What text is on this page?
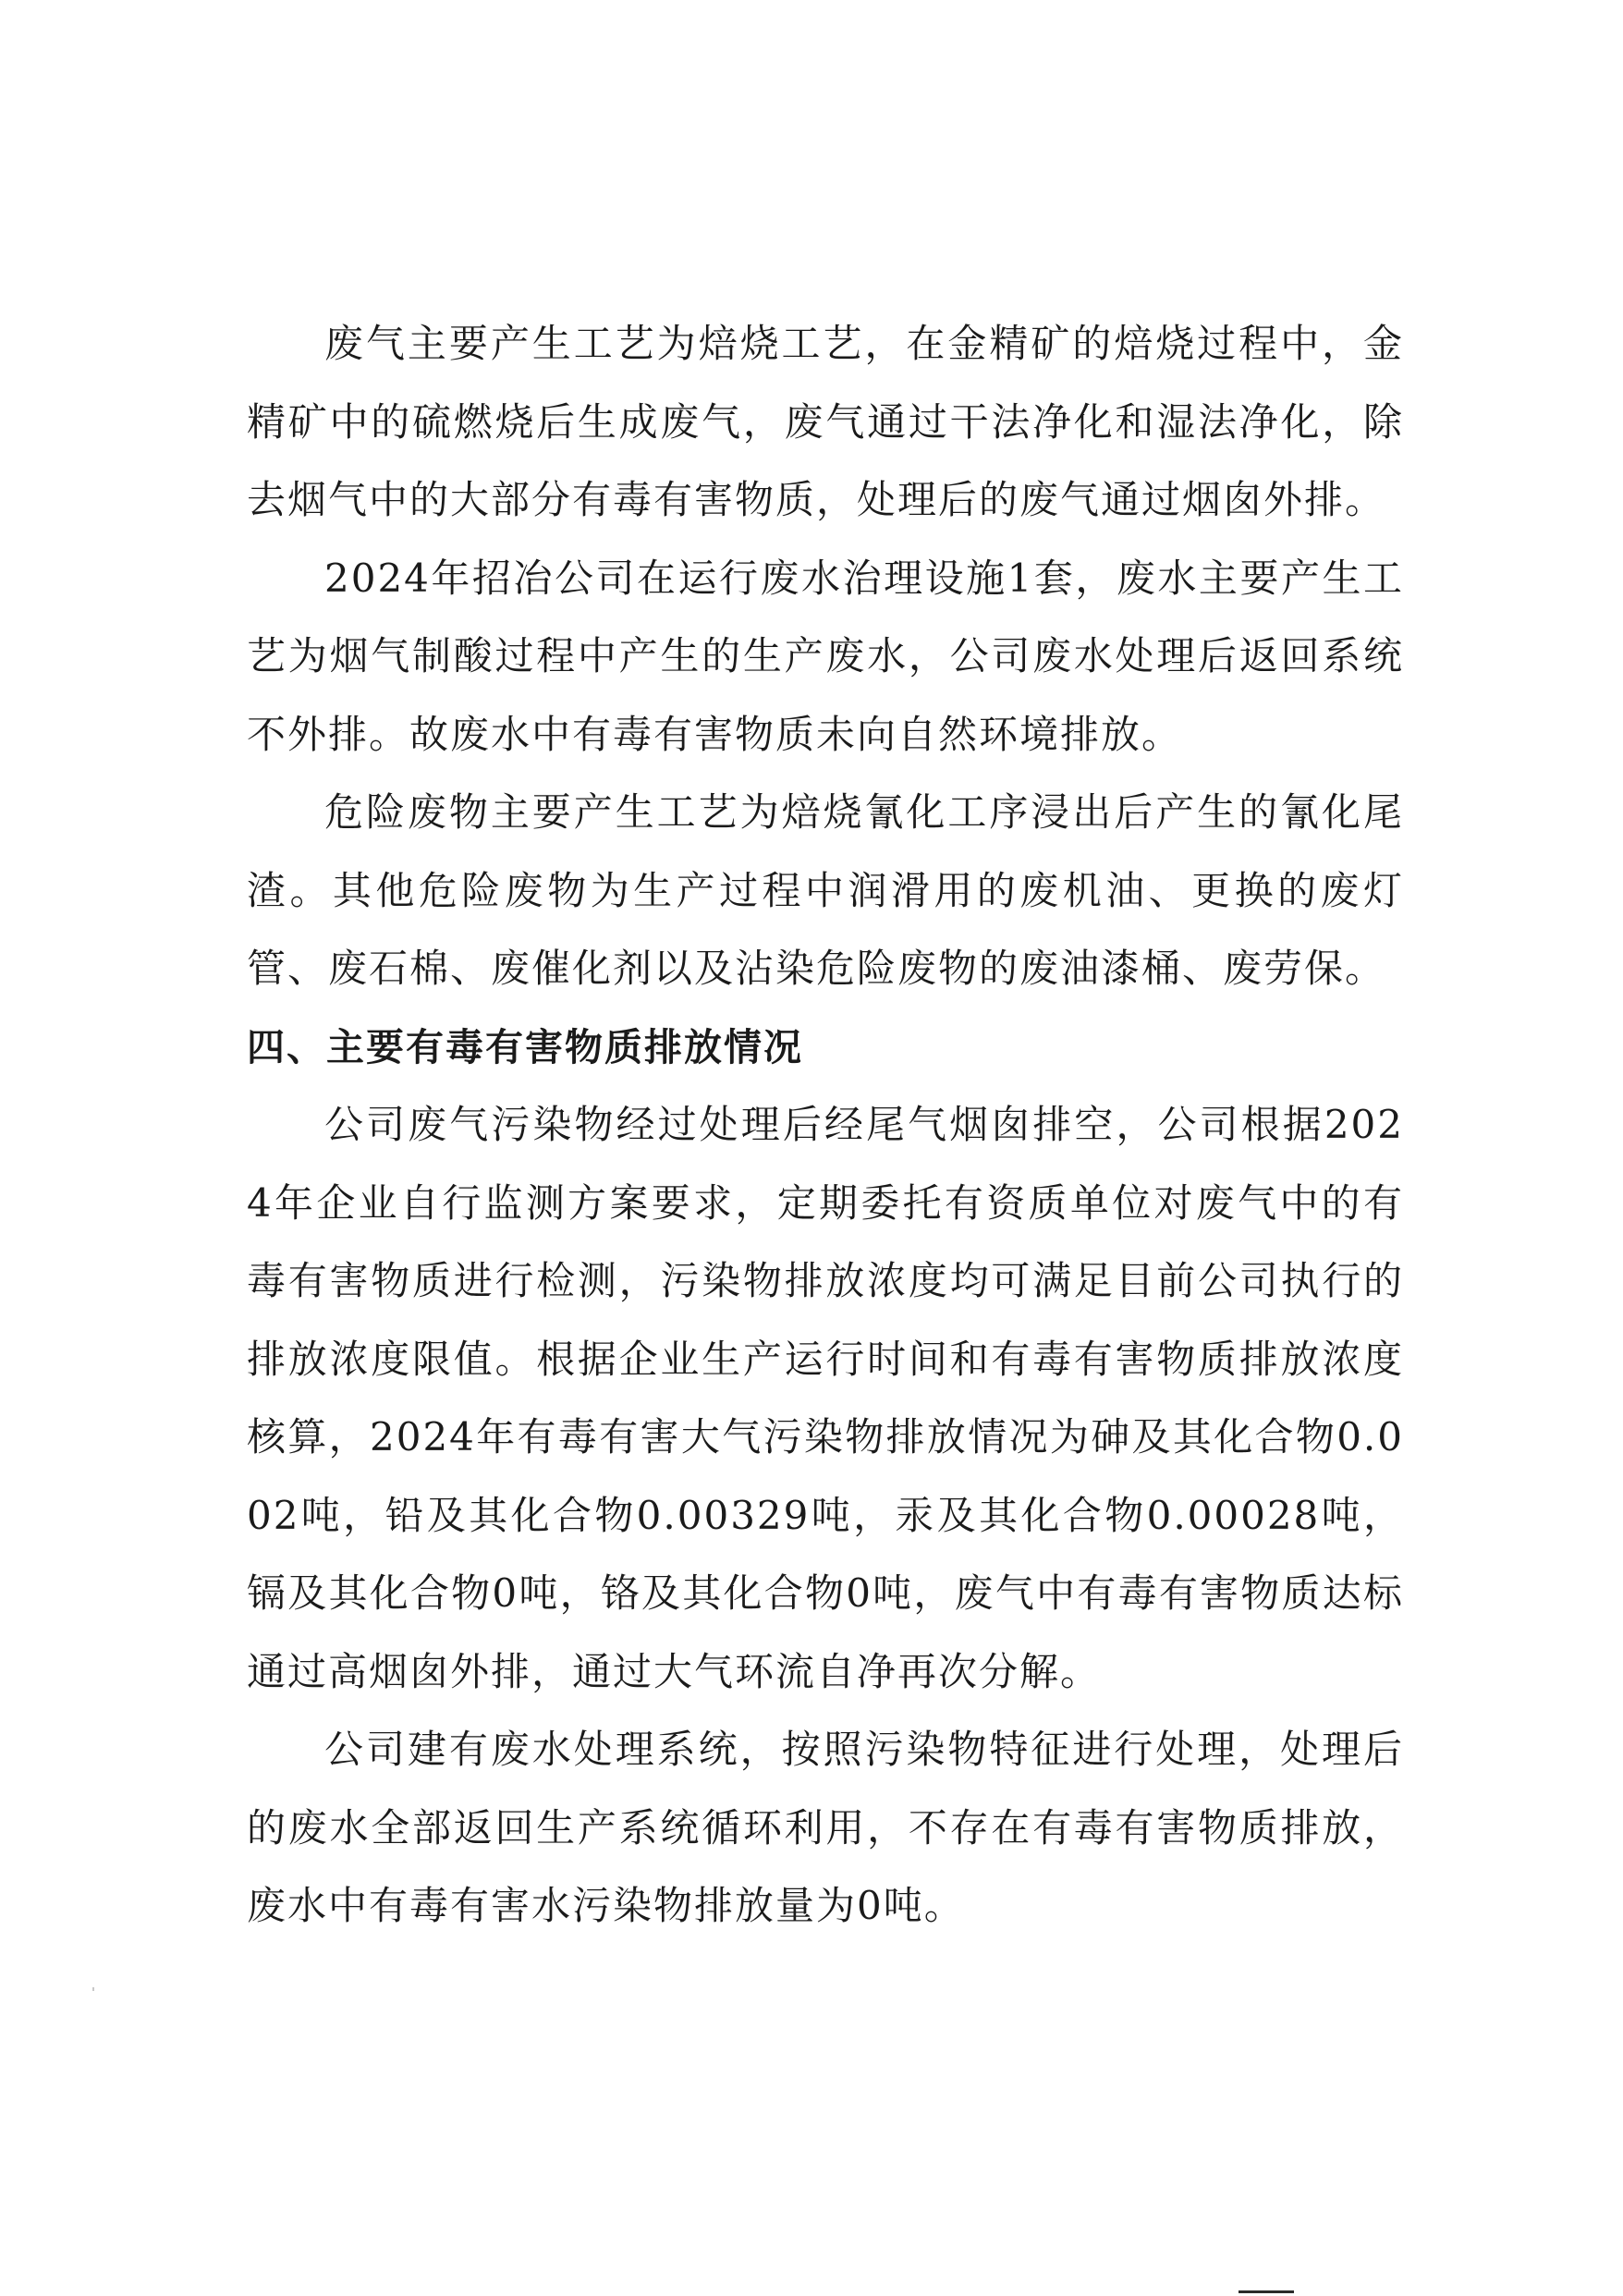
废气主要产生工艺为焙烧工艺，在金精矿的焙烧过程中，金精矿中的硫燃烧后生成废气，废气通过干法净化和湿法净化，除去烟气中的大部分有毒有害物质，处理后的废气通过烟囱外排。

2024年招冶公司在运行废水治理设施1套，废水主要产生工艺为烟气制酸过程中产生的生产废水，公司废水处理后返回系统不外排。故废水中有毒有害物质未向自然环境排放。

危险废物主要产生工艺为焙烧氰化工序浸出后产生的氰化尾渣。其他危险废物为生产过程中润滑用的废机油、更换的废灯管、废石棉、废催化剂以及沾染危险废物的废油漆桶、废劳保。

四、主要有毒有害物质排放情况

公司废气污染物经过处理后经尾气烟囱排空，公司根据2024年企业自行监测方案要求，定期委托有资质单位对废气中的有毒有害物质进行检测，污染物排放浓度均可满足目前公司执行的排放浓度限值。根据企业生产运行时间和有毒有害物质排放浓度核算，2024年有毒有害大气污染物排放情况为砷及其化合物0.002吨，铅及其化合物0.00329吨，汞及其化合物0.00028吨，镉及其化合物0吨，铬及其化合物0吨，废气中有毒有害物质达标通过高烟囱外排，通过大气环流自净再次分解。

公司建有废水处理系统，按照污染物特征进行处理，处理后的废水全部返回生产系统循环利用，不存在有毒有害物质排放，废水中有毒有害水污染物排放量为0吨。
